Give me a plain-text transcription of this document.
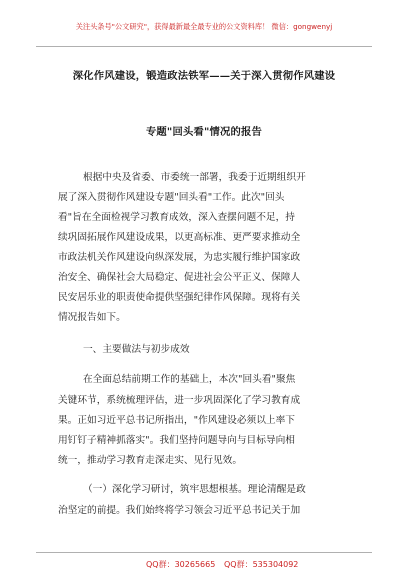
关注头条号"公文研究"，获得最新最全最专业的公文资料库！ 微信：gongwenyj
深化作风建设，锻造政法铁军——关于深入贯彻作风建设
专题"回头看"情况的报告
根据中央及省委、市委统一部署，我委于近期组织开
展了深入贯彻作风建设专题"回头看"工作。此次"回头
看"旨在全面检视学习教育成效，深入查摆问题不足，持
续巩固拓展作风建设成果，以更高标准、更严要求推动全
市政法机关作风建设向纵深发展，为忠实履行维护国家政
治安全、确保社会大局稳定、促进社会公平正义、保障人
民安居乐业的职责使命提供坚强纪律作风保障。现将有关
情况报告如下。
一、主要做法与初步成效
在全面总结前期工作的基础上，本次"回头看"聚焦
关键环节，系统梳理评估，进一步巩固深化了学习教育成
果。正如习近平总书记所指出，"作风建设必须以上率下
用钉钉子精神抓落实"。我们坚持问题导向与目标导向相
统一，推动学习教育走深走实、见行见效。
（一）深化学习研讨，筑牢思想根基。理论清醒是政
治坚定的前提。我们始终将学习领会习近平总书记关于加
QQ群：30265665 QQ群：535304092
